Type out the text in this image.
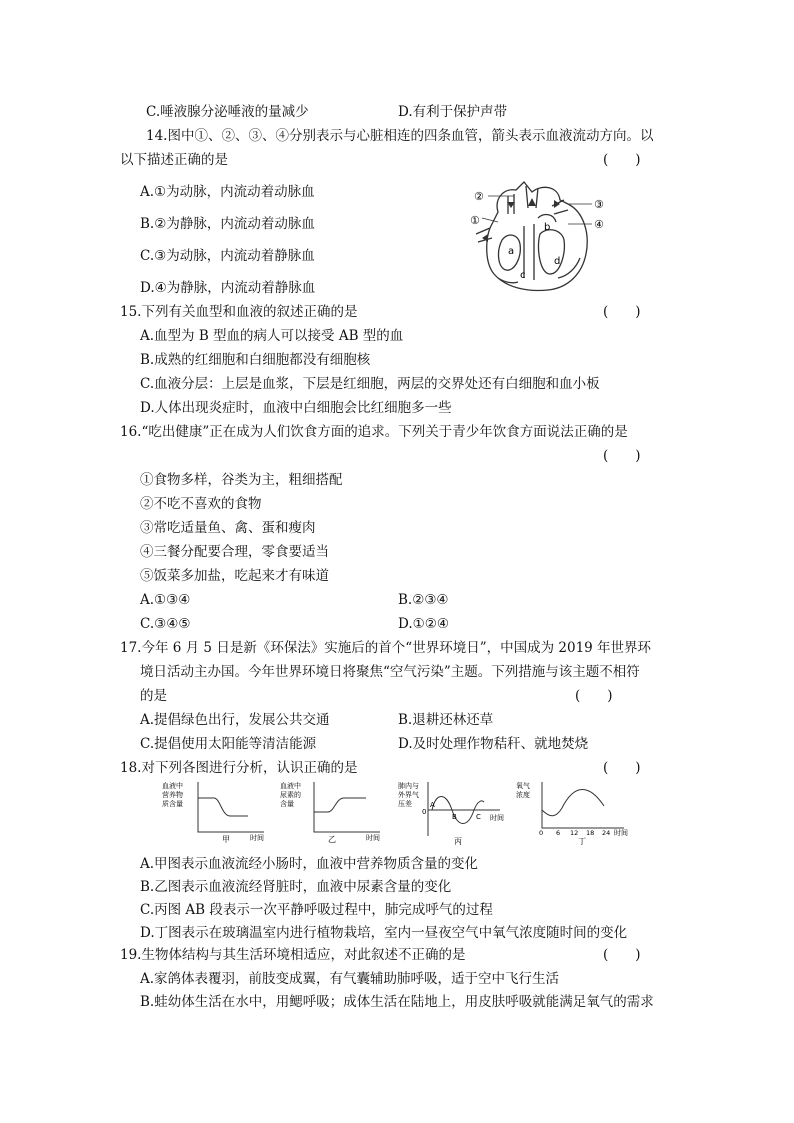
C.唾液腺分泌唾液的量减少	D.有利于保护声带
14.图中①、②、③、④分别表示与心脏相连的四条血管，箭头表示血液流动方向。以
以下描述正确的是	(　　)
A.①为动脉，内流动着动脉血
B.②为静脉，内流动着动脉血
C.③为动脉，内流动着静脉血
D.④为静脉，内流动着静脉血
②
①
③
④
a
b
c
d
15.下列有关血型和血液的叙述正确的是	(　　)
A.血型为 B 型血的病人可以接受 AB 型的血
B.成熟的红细胞和白细胞都没有细胞核
C.血液分层：上层是血浆，下层是红细胞，两层的交界处还有白细胞和血小板
D.人体出现炎症时，血液中白细胞会比红细胞多一些
16.“吃出健康”正在成为人们饮食方面的追求。下列关于青少年饮食方面说法正确的是
(　　)
①食物多样，谷类为主，粗细搭配
②不吃不喜欢的食物
③常吃适量鱼、禽、蛋和瘦肉
④三餐分配要合理，零食要适当
⑤饭菜多加盐，吃起来才有味道
A.①③④	B.②③④
C.③④⑤	D.①②④
17.今年 6 月 5 日是新《环保法》实施后的首个“世界环境日”，中国成为 2019 年世界环
境日活动主办国。今年世界环境日将聚焦“空气污染”主题。下列措施与该主题不相符
的是	(　　)
A.提倡绿色出行，发展公共交通	B.退耕还林还草
C.提倡使用太阳能等清洁能源	D.及时处理作物秸秆、就地焚烧
18.对下列各图进行分析，认识正确的是	(　　)
血液中
营养物
质含量
时间
甲
血液中
尿素的
含量
时间
乙
肺内与
外界气
压差
0
A
B	C 时间
丙
氧气
浓度
0 6 12 18 24 时间
丁
A.甲图表示血液流经小肠时，血液中营养物质含量的变化
B.乙图表示血液流经肾脏时，血液中尿素含量的变化
C.丙图 AB 段表示一次平静呼吸过程中，肺完成呼气的过程
D.丁图表示在玻璃温室内进行植物栽培，室内一昼夜空气中氧气浓度随时间的变化
19.生物体结构与其生活环境相适应，对此叙述不正确的是	(　　)
A.家鸽体表覆羽，前肢变成翼，有气囊辅助肺呼吸，适于空中飞行生活
B.蛙幼体生活在水中，用鳃呼吸；成体生活在陆地上，用皮肤呼吸就能满足氧气的需求
